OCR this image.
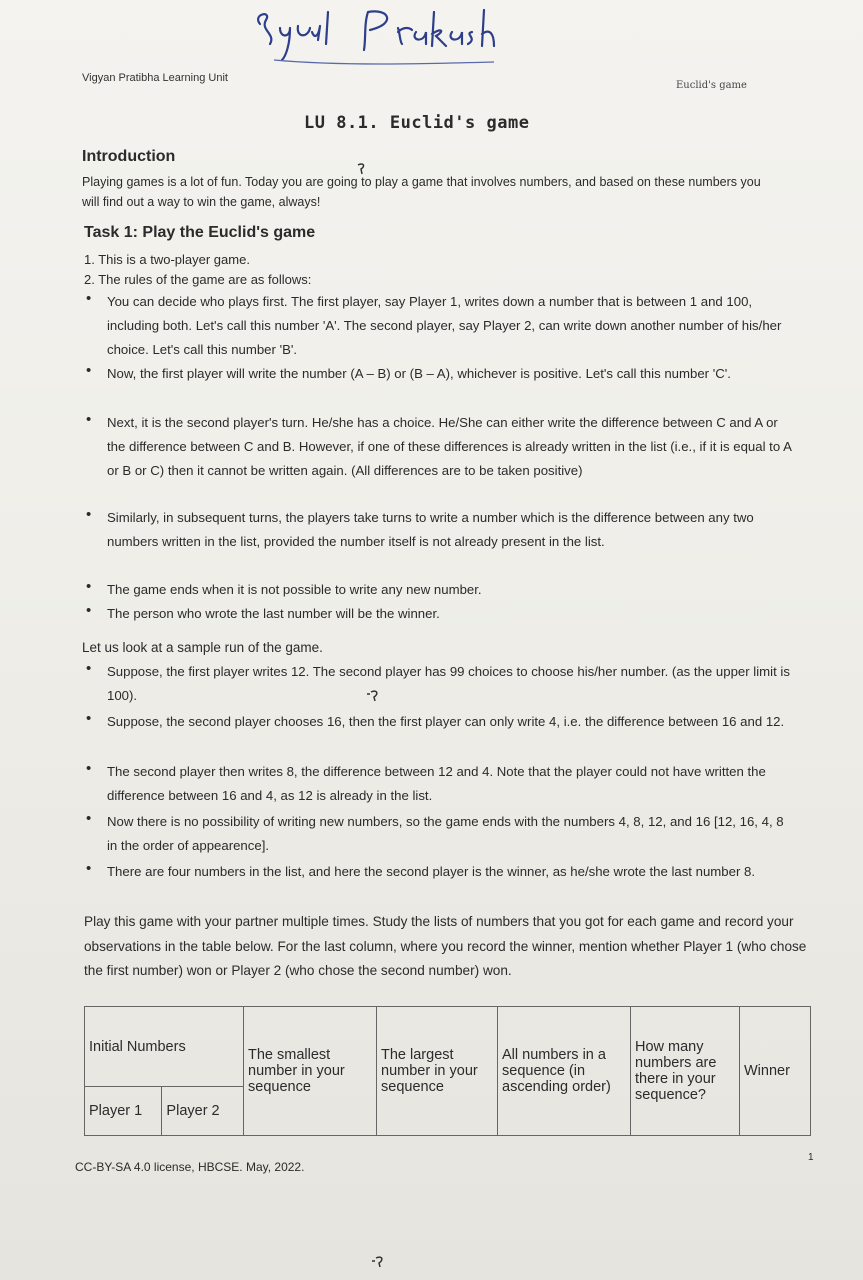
Vigyan Pratibha Learning Unit
Euclid's game
LU 8.1. Euclid's game
Introduction
Playing games is a lot of fun. Today you are going to play a game that involves numbers, and based on these numbers you will find out a way to win the game, always!
Task 1: Play the Euclid's game
1. This is a two-player game.
2. The rules of the game are as follows:
•
You can decide who plays first. The first player, say Player 1, writes down a number that is between 1 and 100, including both. Let's call this number 'A'. The second player, say Player 2, can write down another number of his/her choice. Let's call this number 'B'.
•
Now, the first player will write the number (A – B) or (B – A), whichever is positive. Let's call this number 'C'.
•
Next, it is the second player's turn. He/she has a choice. He/She can either write the difference between C and A or the difference between C and B. However, if one of these differences is already written in the list (i.e., if it is equal to A or B or C) then it cannot be written again. (All differences are to be taken positive)
•
Similarly, in subsequent turns, the players take turns to write a number which is the difference between any two numbers written in the list, provided the number itself is not already present in the list.
•
The game ends when it is not possible to write any new number.
•
The person who wrote the last number will be the winner.
Let us look at a sample run of the game.
•
Suppose, the first player writes 12. The second player has 99 choices to choose his/her number. (as the upper limit is 100).
•
Suppose, the second player chooses 16, then the first player can only write 4, i.e. the difference between 16 and 12.
•
The second player then writes 8, the difference between 12 and 4. Note that the player could not have written the difference between 16 and 4, as 12 is already in the list.
•
Now there is no possibility of writing new numbers, so the game ends with the numbers 4, 8, 12, and 16 [12, 16, 4, 8 in the order of appearence].
•
There are four numbers in the list, and here the second player is the winner, as he/she wrote the last number 8.
Play this game with your partner multiple times. Study the lists of numbers that you got for each game and record your observations in the table below. For the last column, where you record the winner, mention whether Player 1 (who chose the first number) won or Player 2 (who chose the second number) won.
Initial Numbers		The smallest number in your sequence	The largest number in your sequence	All numbers in a sequence (in ascending order)	How many numbers are there in your sequence?	Winner
Player 1	Player 2					
CC-BY-SA 4.0 license, HBCSE. May, 2022.
1
